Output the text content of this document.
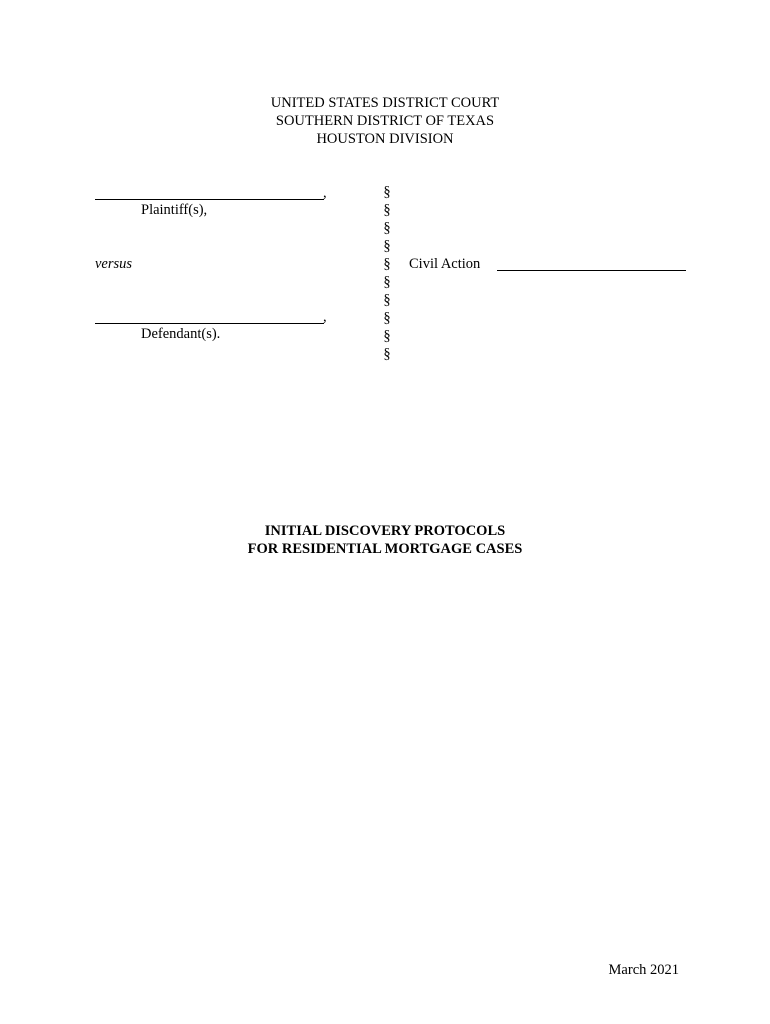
UNITED STATES DISTRICT COURT
SOUTHERN DISTRICT OF TEXAS
HOUSTON DIVISION
,
Plaintiff(s),
versus
,
Defendant(s).
§
§
§
§
§
§
§
§
§
§
Civil Action
INITIAL DISCOVERY PROTOCOLS
FOR RESIDENTIAL MORTGAGE CASES
March 2021
